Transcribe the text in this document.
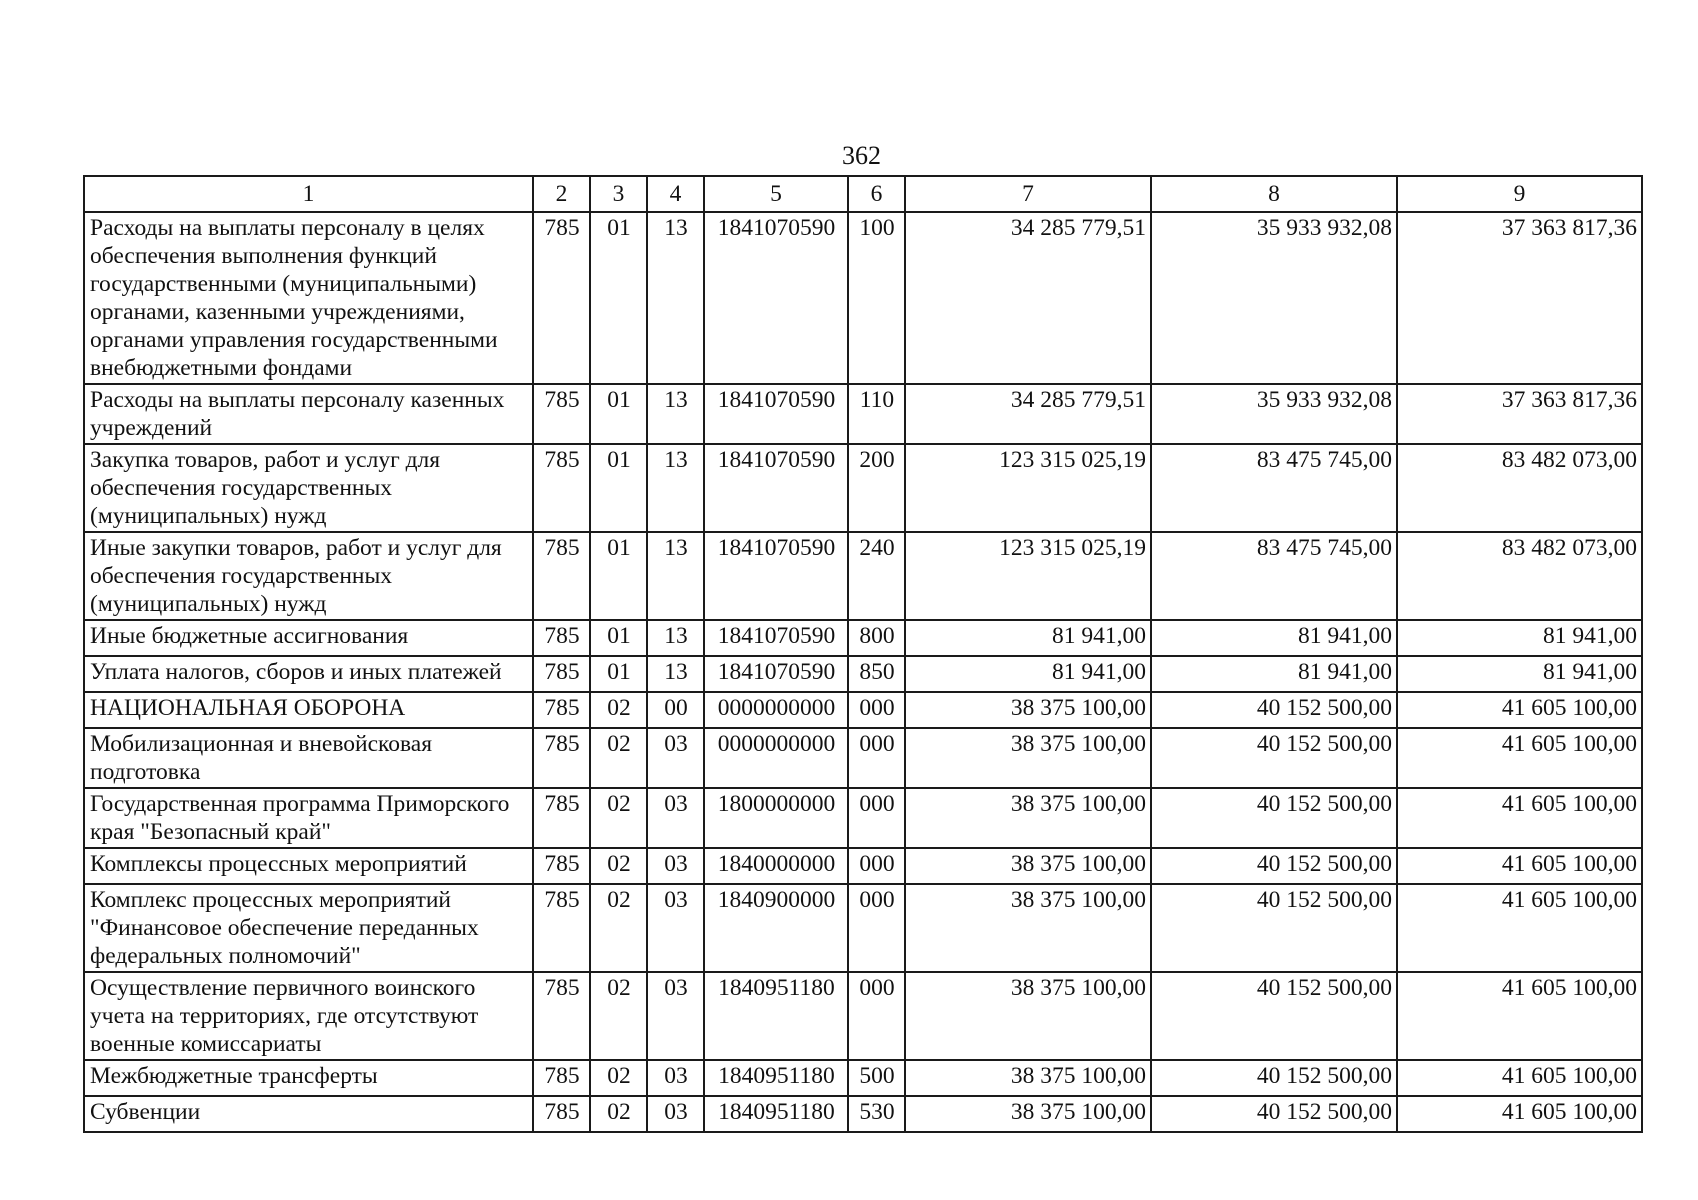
362
1	2	3	4	5	6	7	8	9
Расходы на выплаты персоналу в целях обеспечения выполнения функций государственными (муниципальными) органами, казенными учреждениями, органами управления государственными внебюджетными фондами	785	01	13	1841070590	100	34 285 779,51	35 933 932,08	37 363 817,36
Расходы на выплаты персоналу казенных учреждений	785	01	13	1841070590	110	34 285 779,51	35 933 932,08	37 363 817,36
Закупка товаров, работ и услуг для обеспечения государственных (муниципальных) нужд	785	01	13	1841070590	200	123 315 025,19	83 475 745,00	83 482 073,00
Иные закупки товаров, работ и услуг для обеспечения государственных (муниципальных) нужд	785	01	13	1841070590	240	123 315 025,19	83 475 745,00	83 482 073,00
Иные бюджетные ассигнования	785	01	13	1841070590	800	81 941,00	81 941,00	81 941,00
Уплата налогов, сборов и иных платежей	785	01	13	1841070590	850	81 941,00	81 941,00	81 941,00
НАЦИОНАЛЬНАЯ ОБОРОНА	785	02	00	0000000000	000	38 375 100,00	40 152 500,00	41 605 100,00
Мобилизационная и вневойсковая подготовка	785	02	03	0000000000	000	38 375 100,00	40 152 500,00	41 605 100,00
Государственная программа Приморского края "Безопасный край"	785	02	03	1800000000	000	38 375 100,00	40 152 500,00	41 605 100,00
Комплексы процессных мероприятий	785	02	03	1840000000	000	38 375 100,00	40 152 500,00	41 605 100,00
Комплекс процессных мероприятий "Финансовое обеспечение переданных федеральных полномочий"	785	02	03	1840900000	000	38 375 100,00	40 152 500,00	41 605 100,00
Осуществление первичного воинского учета на территориях, где отсутствуют военные комиссариаты	785	02	03	1840951180	000	38 375 100,00	40 152 500,00	41 605 100,00
Межбюджетные трансферты	785	02	03	1840951180	500	38 375 100,00	40 152 500,00	41 605 100,00
Субвенции	785	02	03	1840951180	530	38 375 100,00	40 152 500,00	41 605 100,00
